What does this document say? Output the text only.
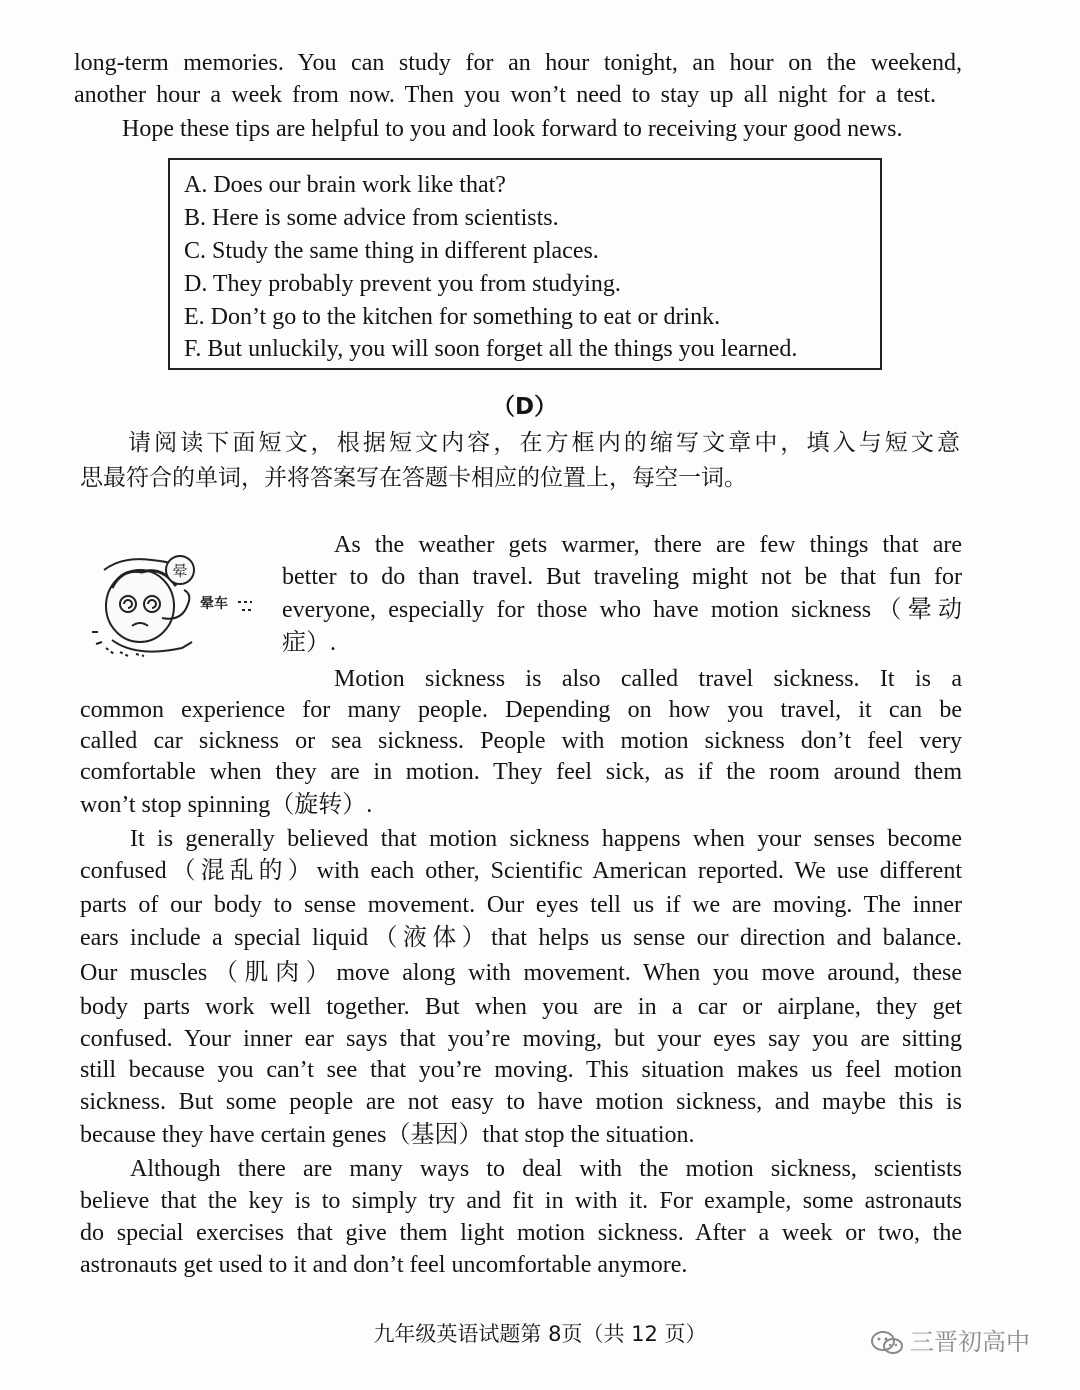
long-term memories. You can study for an hour tonight, an hour on the weekend,
another hour a week from now. Then you won’t need to stay up all night for a test.
Hope these tips are helpful to you and look forward to receiving your good news.
A. Does our brain work like that?
B. Here is some advice from scientists.
C. Study the same thing in different places.
D. They probably prevent you from studying.
E. Don’t go to the kitchen for something to eat or drink.
F. But unluckily, you will soon forget all the things you learned.
（D）
请阅读下面短文，根据短文内容，在方框内的缩写文章中，填入与短文意
思最符合的单词，并将答案写在答题卡相应的位置上，每空一词。
晕
晕车
As the weather gets warmer, there are few things that are
better to do than travel. But traveling might not be that fun for
everyone, especially for those who have motion sickness（晕动
症）.
Motion sickness is also called travel sickness. It is a
common experience for many people. Depending on how you travel, it can be
called car sickness or sea sickness. People with motion sickness don’t feel very
comfortable when they are in motion. They feel sick, as if the room around them
won’t stop spinning（旋转）.
It is generally believed that motion sickness happens when your senses become
confused（混乱的）with each other, Scientific American reported. We use different
parts of our body to sense movement. Our eyes tell us if we are moving. The inner
ears include a special liquid（液体）that helps us sense our direction and balance.
Our muscles（肌肉）move along with movement. When you move around, these
body parts work well together. But when you are in a car or airplane, they get
confused. Your inner ear says that you’re moving, but your eyes say you are sitting
still because you can’t see that you’re moving. This situation makes us feel motion
sickness. But some people are not easy to have motion sickness, and maybe this is
because they have certain genes（基因）that stop the situation.
Although there are many ways to deal with the motion sickness, scientists
believe that the key is to simply try and fit in with it. For example, some astronauts
do special exercises that give them light motion sickness. After a week or two, the
astronauts get used to it and don’t feel uncomfortable anymore.
九年级英语试题第 8页（共 12 页）	三晋初高中
